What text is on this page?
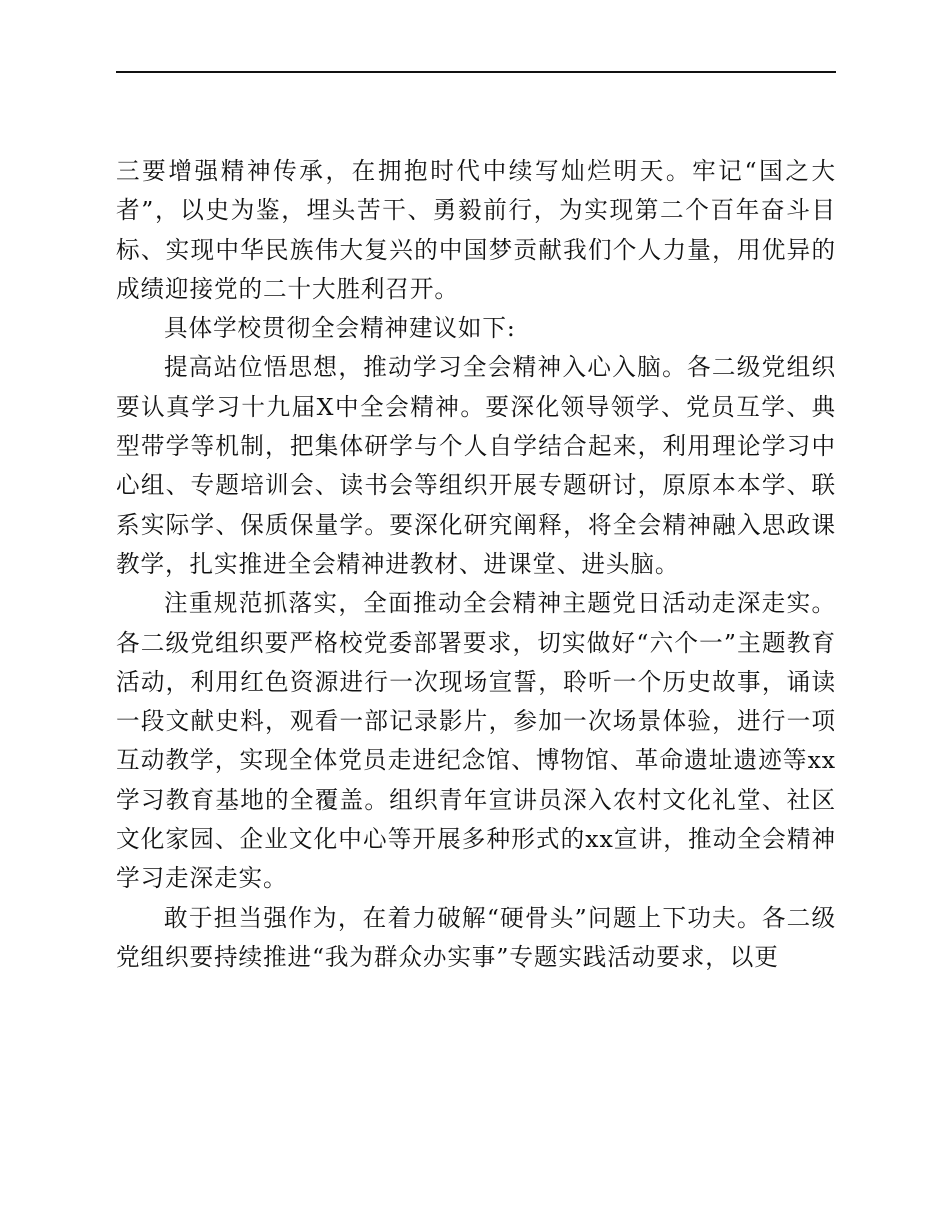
三要增强精神传承，在拥抱时代中续写灿烂明天。牢记“国之大者”，以史为鉴，埋头苦干、勇毅前行，为实现第二个百年奋斗目标、实现中华民族伟大复兴的中国梦贡献我们个人力量，用优异的成绩迎接党的二十大胜利召开。

具体学校贯彻全会精神建议如下:

提高站位悟思想，推动学习全会精神入心入脑。各二级党组织要认真学习十九届X中全会精神。要深化领导领学、党员互学、典型带学等机制，把集体研学与个人自学结合起来，利用理论学习中心组、专题培训会、读书会等组织开展专题研讨，原原本本学、联系实际学、保质保量学。要深化研究阐释，将全会精神融入思政课教学，扎实推进全会精神进教材、进课堂、进头脑。

注重规范抓落实，全面推动全会精神主题党日活动走深走实。各二级党组织要严格校党委部署要求，切实做好“六个一”主题教育活动，利用红色资源进行一次现场宣誓，聆听一个历史故事，诵读一段文献史料，观看一部记录影片，参加一次场景体验，进行一项互动教学，实现全体党员走进纪念馆、博物馆、革命遗址遗迹等xx学习教育基地的全覆盖。组织青年宣讲员深入农村文化礼堂、社区文化家园、企业文化中心等开展多种形式的xx宣讲，推动全会精神学习走深走实。

敢于担当强作为，在着力破解“硬骨头”问题上下功夫。各二级党组织要持续推进“我为群众办实事”专题实践活动要求，以更
